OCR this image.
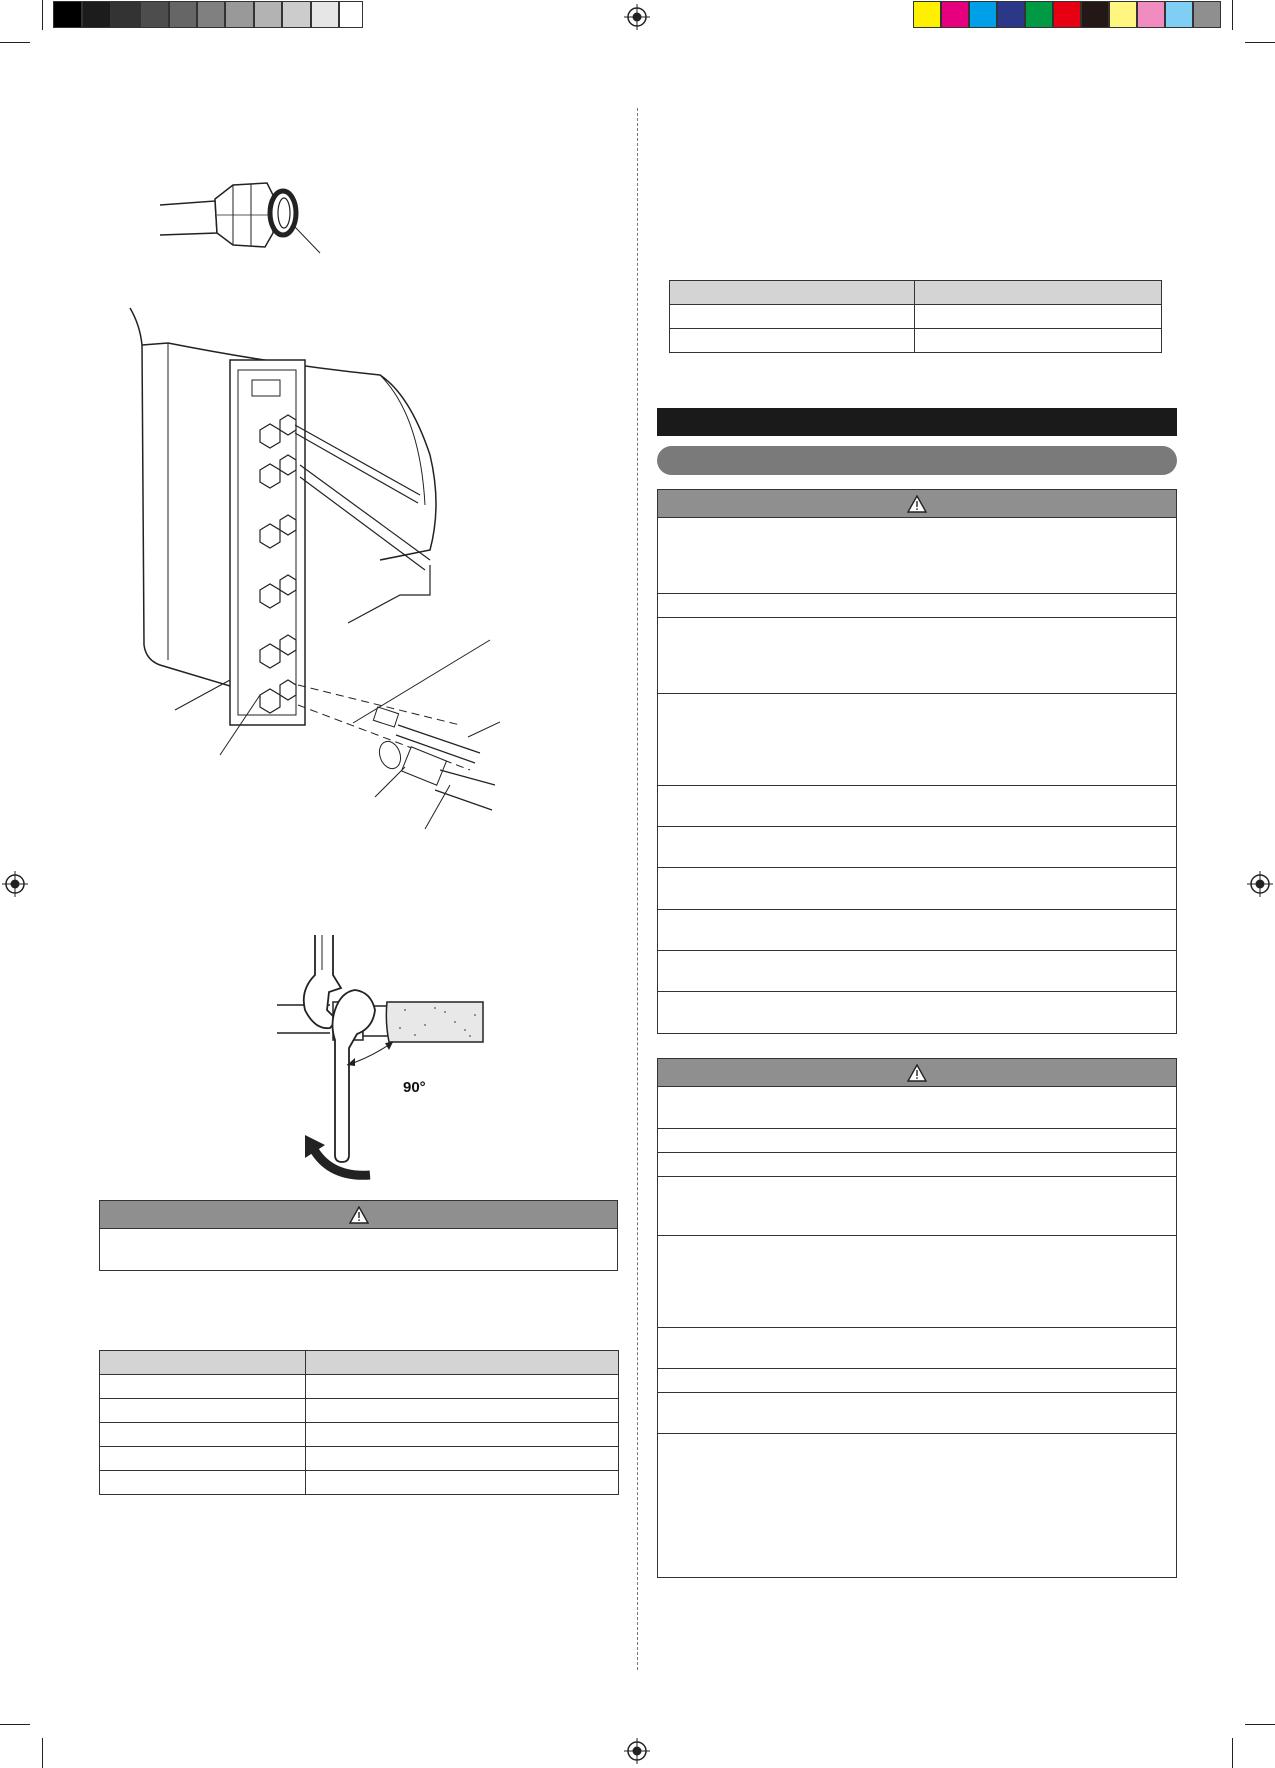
90°
